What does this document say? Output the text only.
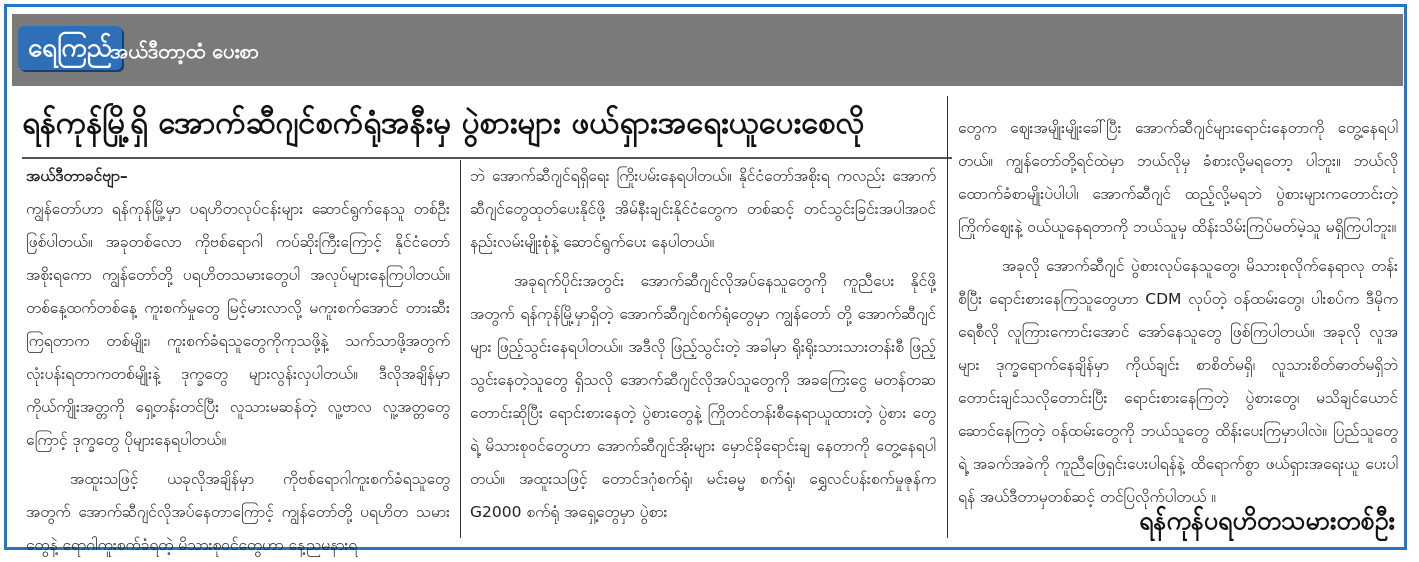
ရေကြည်
အယ်ဒီတာ့ထံ ပေးစာ
ရန်ကုန်မြို့ရှိ အောက်ဆီဂျင်စက်ရုံအနီးမှ ပွဲစားများ ဖယ်ရှားအရေးယူပေးစေလို

အယ်ဒီတာခင်ဗျာ–

ကျွန်တော်ဟာ ရန်ကုန်မြို့မှာ ပရဟိတလုပ်ငန်းများ ဆောင်ရွက်နေသူ တစ်ဦး ဖြစ်ပါတယ်။ အခုတစ်လော ကိုဗစ်ရောဂါ ကပ်ဆိုးကြီးကြောင့် နိုင်ငံတော်အစိုးရကော ကျွန်တော်တို့ ပရဟိတသမားတွေပါ အလုပ်များနေကြပါတယ်။ တစ်နေ့ထက်တစ်နေ့ ကူးစက်မှုတွေ မြင့်မားလာလို့ မကူးစက်အောင် တားဆီးကြရတာက တစ်မျိုး၊ ကူးစက်ခံရသူတွေကိုကုသဖို့နဲ့ သက်သာဖို့အတွက် လုံးပန်းရတာကတစ်မျိုးနဲ့ ဒုက္ခတွေ များလွန်းလှပါတယ်။ ဒီလိုအချိန်မှာ ကိုယ်ကျိုးအတ္တကို ရှေ့တန်းတင်ပြီး လူသားမဆန်တဲ့ လူ့ဗာလ လူ့အတ္တတွေကြောင့် ဒုက္ခတွေ ပိုများနေရပါတယ်။

အထူးသဖြင့် ယခုလိုအချိန်မှာ ကိုဗစ်ရောဂါကူးစက်ခံရသူတွေ အတွက် အောက်ဆီဂျင်လိုအပ်နေတာကြောင့် ကျွန်တော်တို့ ပရဟိတ သမားတွေနဲ့ ရောဂါကူးစက်ခံရတဲ့ မိသားစုဝင်တွေဟာ နေ့ညမနားရ

ဘဲ အောက်ဆီဂျင်ရရှိရေး ကြိုးပမ်းနေရပါတယ်။ နိုင်ငံတော်အစိုးရ ကလည်း အောက်ဆီဂျင်တွေထုတ်ပေးနိုင်ဖို့ အိမ်နီးချင်းနိုင်ငံတွေက တစ်ဆင့် တင်သွင်းခြင်းအပါအဝင် နည်းလမ်းမျိုးစုံနဲ့ ဆောင်ရွက်ပေး နေပါတယ်။

အခုရက်ပိုင်းအတွင်း အောက်ဆီဂျင်လိုအပ်နေသူတွေကို ကူညီပေး နိုင်ဖို့အတွက် ရန်ကုန်မြို့မှာရှိတဲ့ အောက်ဆီဂျင်စက်ရုံတွေမှာ ကျွန်တော် တို့ အောက်ဆီဂျင်များ ဖြည့်သွင်းနေရပါတယ်။ အဒီလို ဖြည့်သွင်းတဲ့ အခါမှာ ရိုးရိုးသားသားတန်းစီ ဖြည့်သွင်းနေတဲ့သူတွေ ရှိသလို အောက်ဆီဂျင်လိုအပ်သူတွေကို အခကြေးငွေ မတန်တဆတောင်းဆိုပြီး ရောင်းစားနေတဲ့ ပွဲစားတွေနဲ့ ကြိုတင်တန်းစီနေရာယူထားတဲ့ ပွဲစား တွေရဲ့ မိသားစုဝင်တွေဟာ အောက်ဆီဂျင်အိုးများ မှောင်ခိုရောင်းချ နေတာကို တွေ့နေရပါတယ်။ အထူးသဖြင့် တောင်ဒဂုံစက်ရုံ၊ မင်းဓမ္မ စက်ရုံ၊ ရွှေလင်ပန်းစက်မှုဇုန်က G2000 စက်ရုံ အရှေ့တွေမှာ ပွဲစား

တွေက ဈေးအမျိုးမျိုးခေါ်ပြီး အောက်ဆီဂျင်များရောင်းနေတာကို တွေ့နေရပါတယ်။ ကျွန်တော်တို့ရင်ထဲမှာ ဘယ်လိုမှ ခံစားလို့မရတော့ ပါဘူး။ ဘယ်လို ထောက်ခံစာမျိုးပဲပါပါ၊ အောက်ဆီဂျင် ထည့်လို့မရဘဲ ပွဲစားများကတောင်းတဲ့ ကြိုက်ဈေးနဲ့ ဝယ်ယူနေရတာကို ဘယ်သူမှ ထိန်းသိမ်းကြပ်မတ်မဲ့သူ မရှိကြပါဘူး။

အခုလို အောက်ဆီဂျင် ပွဲစားလုပ်နေသူတွေ၊ မိသားစုလိုက်နေရာလု တန်းစီပြီး ရောင်းစားနေကြသူတွေဟာ CDM လုပ်တဲ့ ဝန်ထမ်းတွေ၊ ပါးစပ်က ဒီမိုကရေစီလို လူကြားကောင်းအောင် အော်နေသူတွေ ဖြစ်ကြပါတယ်။ အခုလို လူအများ ဒုက္ခရောက်နေချိန်မှာ ကိုယ်ချင်း စာစိတ်မရှိ၊ လူသားစိတ်ဓာတ်မရှိဘဲ တောင်းချင်သလိုတောင်းပြီး ရောင်းစားနေကြတဲ့ ပွဲစားတွေ၊ မသိချင်ယောင်ဆောင်နေကြတဲ့ ဝန်ထမ်းတွေကို ဘယ်သူတွေ ထိန်းပေးကြမှာပါလဲ။ ပြည်သူတွေရဲ့ အခက်အခဲကို ကူညီဖြေရှင်းပေးပါရန်နဲ့ ထိရောက်စွာ ဖယ်ရှားအရေးယူ ပေးပါရန် အယ်ဒီတာမှတစ်ဆင့် တင်ပြလိုက်ပါတယ် ။

ရန်ကုန်ပရဟိတသမားတစ်ဦး
